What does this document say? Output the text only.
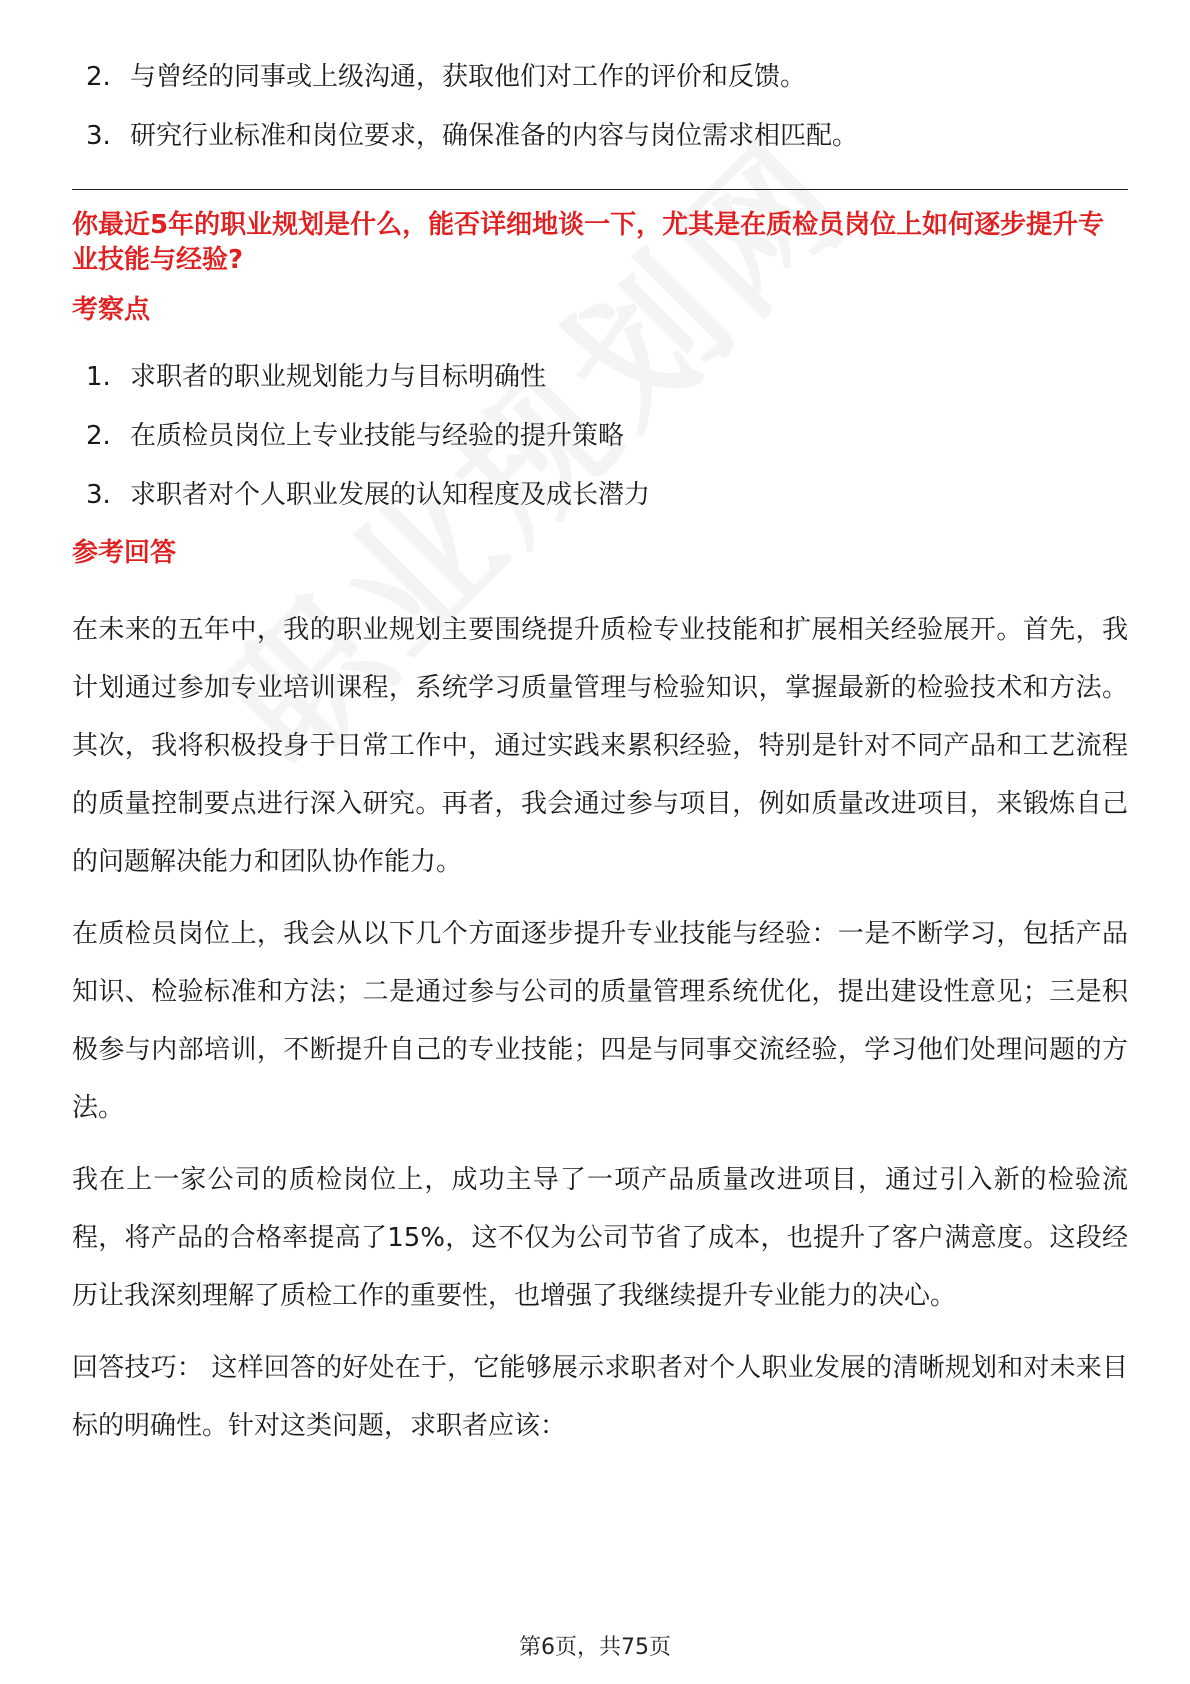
2. 与曾经的同事或上级沟通，获取他们对工作的评价和反馈。
3. 研究行业标准和岗位要求，确保准备的内容与岗位需求相匹配。
你最近5年的职业规划是什么，能否详细地谈一下，尤其是在质检员岗位上如何逐步提升专业技能与经验?
考察点
1. 求职者的职业规划能力与目标明确性
2. 在质检员岗位上专业技能与经验的提升策略
3. 求职者对个人职业发展的认知程度及成长潜力
参考回答

在未来的五年中，我的职业规划主要围绕提升质检专业技能和扩展相关经验展开。首先，我计划通过参加专业培训课程，系统学习质量管理与检验知识，掌握最新的检验技术和方法。其次，我将积极投身于日常工作中，通过实践来累积经验，特别是针对不同产品和工艺流程的质量控制要点进行深入研究。再者，我会通过参与项目，例如质量改进项目，来锻炼自己的问题解决能力和团队协作能力。

在质检员岗位上，我会从以下几个方面逐步提升专业技能与经验：一是不断学习，包括产品知识、检验标准和方法；二是通过参与公司的质量管理系统优化，提出建设性意见；三是积极参与内部培训，不断提升自己的专业技能；四是与同事交流经验，学习他们处理问题的方法。

我在上一家公司的质检岗位上，成功主导了一项产品质量改进项目，通过引入新的检验流程，将产品的合格率提高了15%，这不仅为公司节省了成本，也提升了客户满意度。这段经历让我深刻理解了质检工作的重要性，也增强了我继续提升专业能力的决心。

回答技巧： 这样回答的好处在于，它能够展示求职者对个人职业发展的清晰规划和对未来目标的明确性。针对这类问题，求职者应该：

第6页，共75页
